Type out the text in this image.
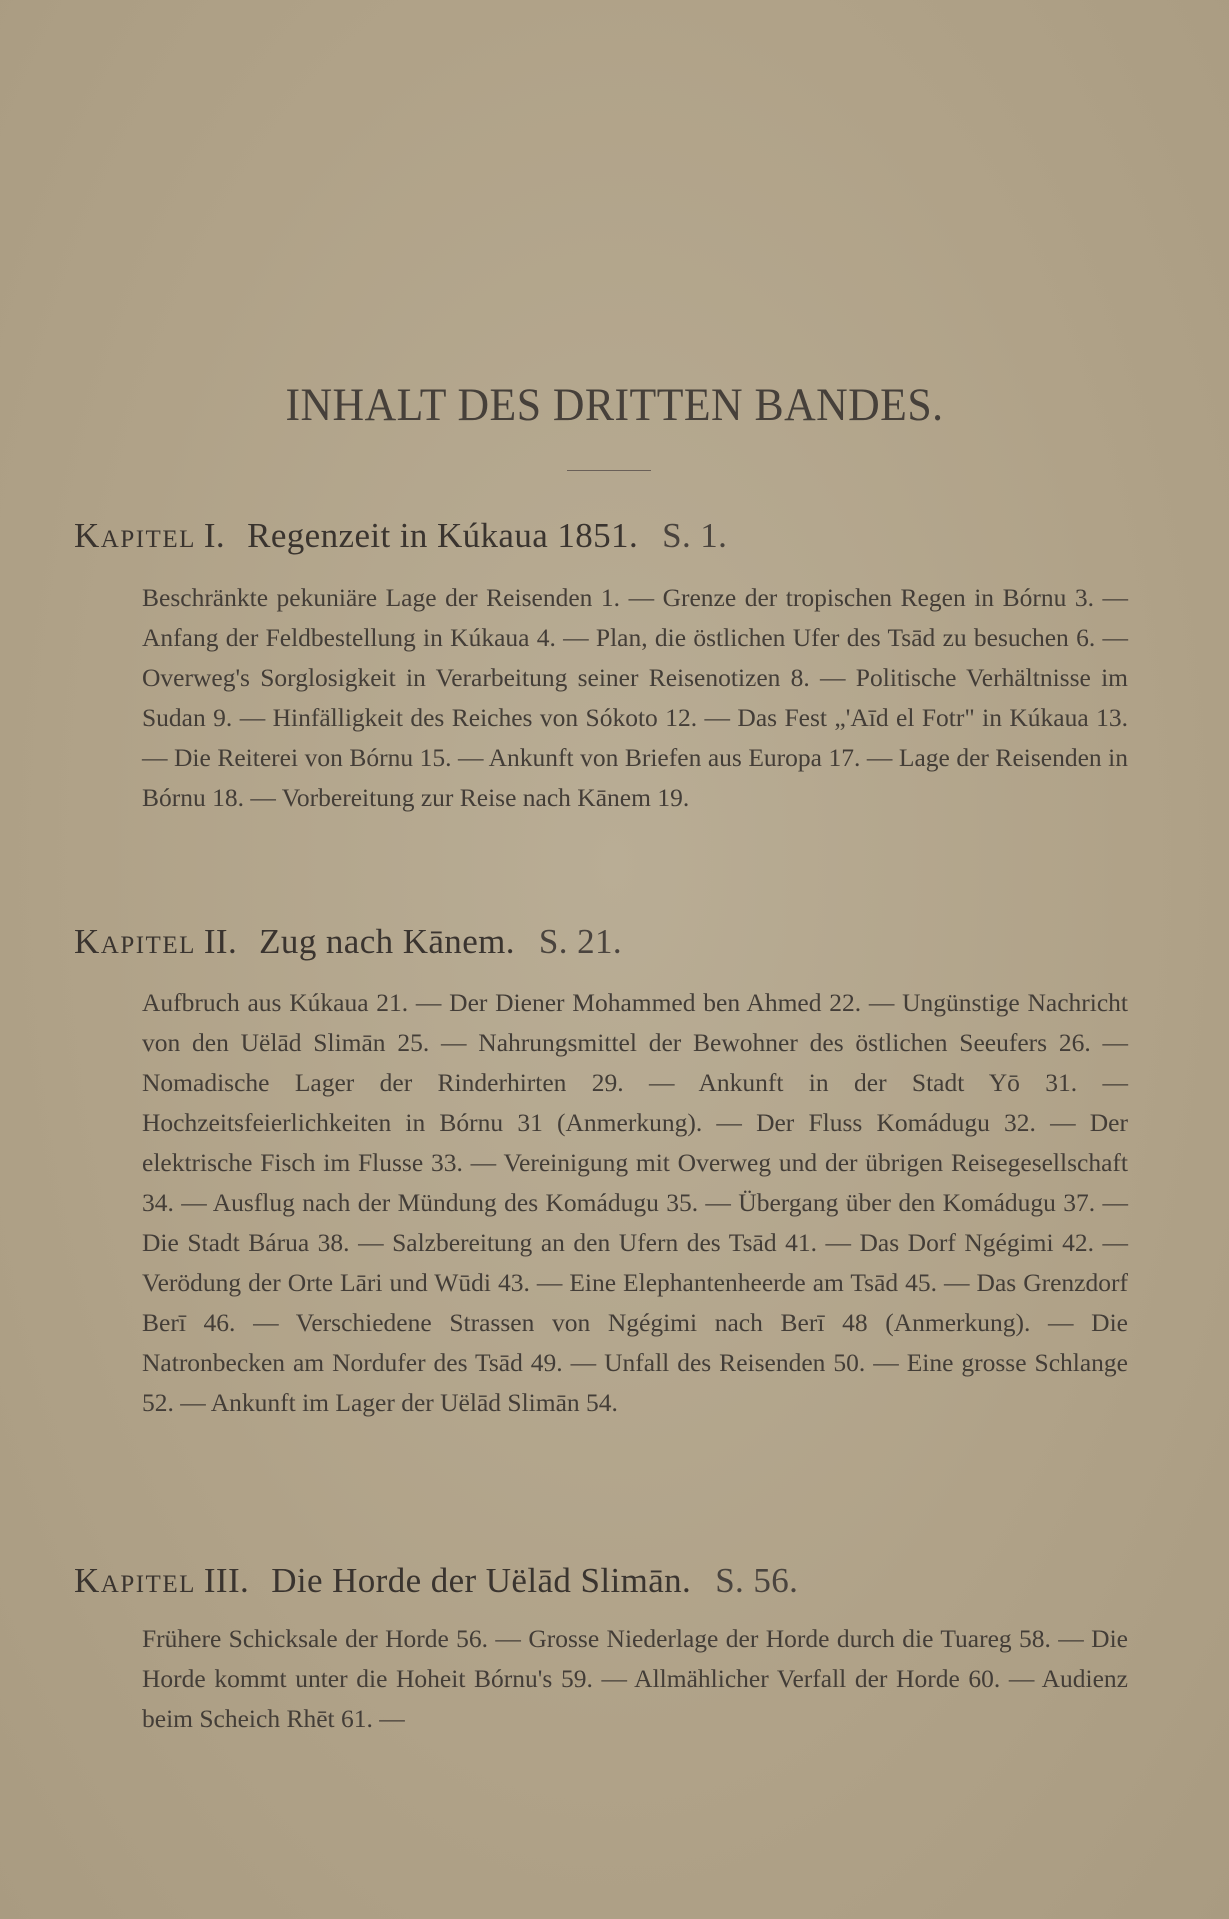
INHALT DES DRITTEN BANDES.
Kapitel I. Regenzeit in Kúkaua 1851. S. 1.

Beschränkte pekuniäre Lage der Reisenden 1. — Grenze der tropischen Regen in Bórnu 3. — Anfang der Feldbestellung in Kúkaua 4. — Plan, die östlichen Ufer des Tsād zu besuchen 6. — Overweg's Sorglosigkeit in Verarbeitung seiner Reisenotizen 8. — Politische Verhältnisse im Sudan 9. — Hinfälligkeit des Reiches von Sókoto 12. — Das Fest „'Aīd el Fotr" in Kúkaua 13. — Die Reiterei von Bórnu 15. — Ankunft von Briefen aus Europa 17. — Lage der Reisenden in Bórnu 18. — Vorbereitung zur Reise nach Kānem 19.

Kapitel II. Zug nach Kānem. S. 21.

Aufbruch aus Kúkaua 21. — Der Diener Mohammed ben Ahmed 22. — Ungünstige Nachricht von den Uëlād Slimān 25. — Nahrungsmittel der Bewohner des östlichen Seeufers 26. — Nomadische Lager der Rinderhirten 29. — Ankunft in der Stadt Yō 31. — Hochzeitsfeierlichkeiten in Bórnu 31 (Anmerkung). — Der Fluss Komádugu 32. — Der elektrische Fisch im Flusse 33. — Vereinigung mit Overweg und der übrigen Reisegesellschaft 34. — Ausflug nach der Mündung des Komádugu 35. — Übergang über den Komádugu 37. — Die Stadt Bárua 38. — Salzbereitung an den Ufern des Tsād 41. — Das Dorf Ngégimi 42. — Verödung der Orte Lāri und Wūdi 43. — Eine Elephantenheerde am Tsād 45. — Das Grenzdorf Berī 46. — Verschiedene Strassen von Ngégimi nach Berī 48 (Anmerkung). — Die Natronbecken am Nordufer des Tsād 49. — Unfall des Reisenden 50. — Eine grosse Schlange 52. — Ankunft im Lager der Uëlād Slimān 54.

Kapitel III. Die Horde der Uëlād Slimān. S. 56.

Frühere Schicksale der Horde 56. — Grosse Niederlage der Horde durch die Tuareg 58. — Die Horde kommt unter die Hoheit Bórnu's 59. — Allmählicher Verfall der Horde 60. — Audienz beim Scheich Rhēt 61. —
